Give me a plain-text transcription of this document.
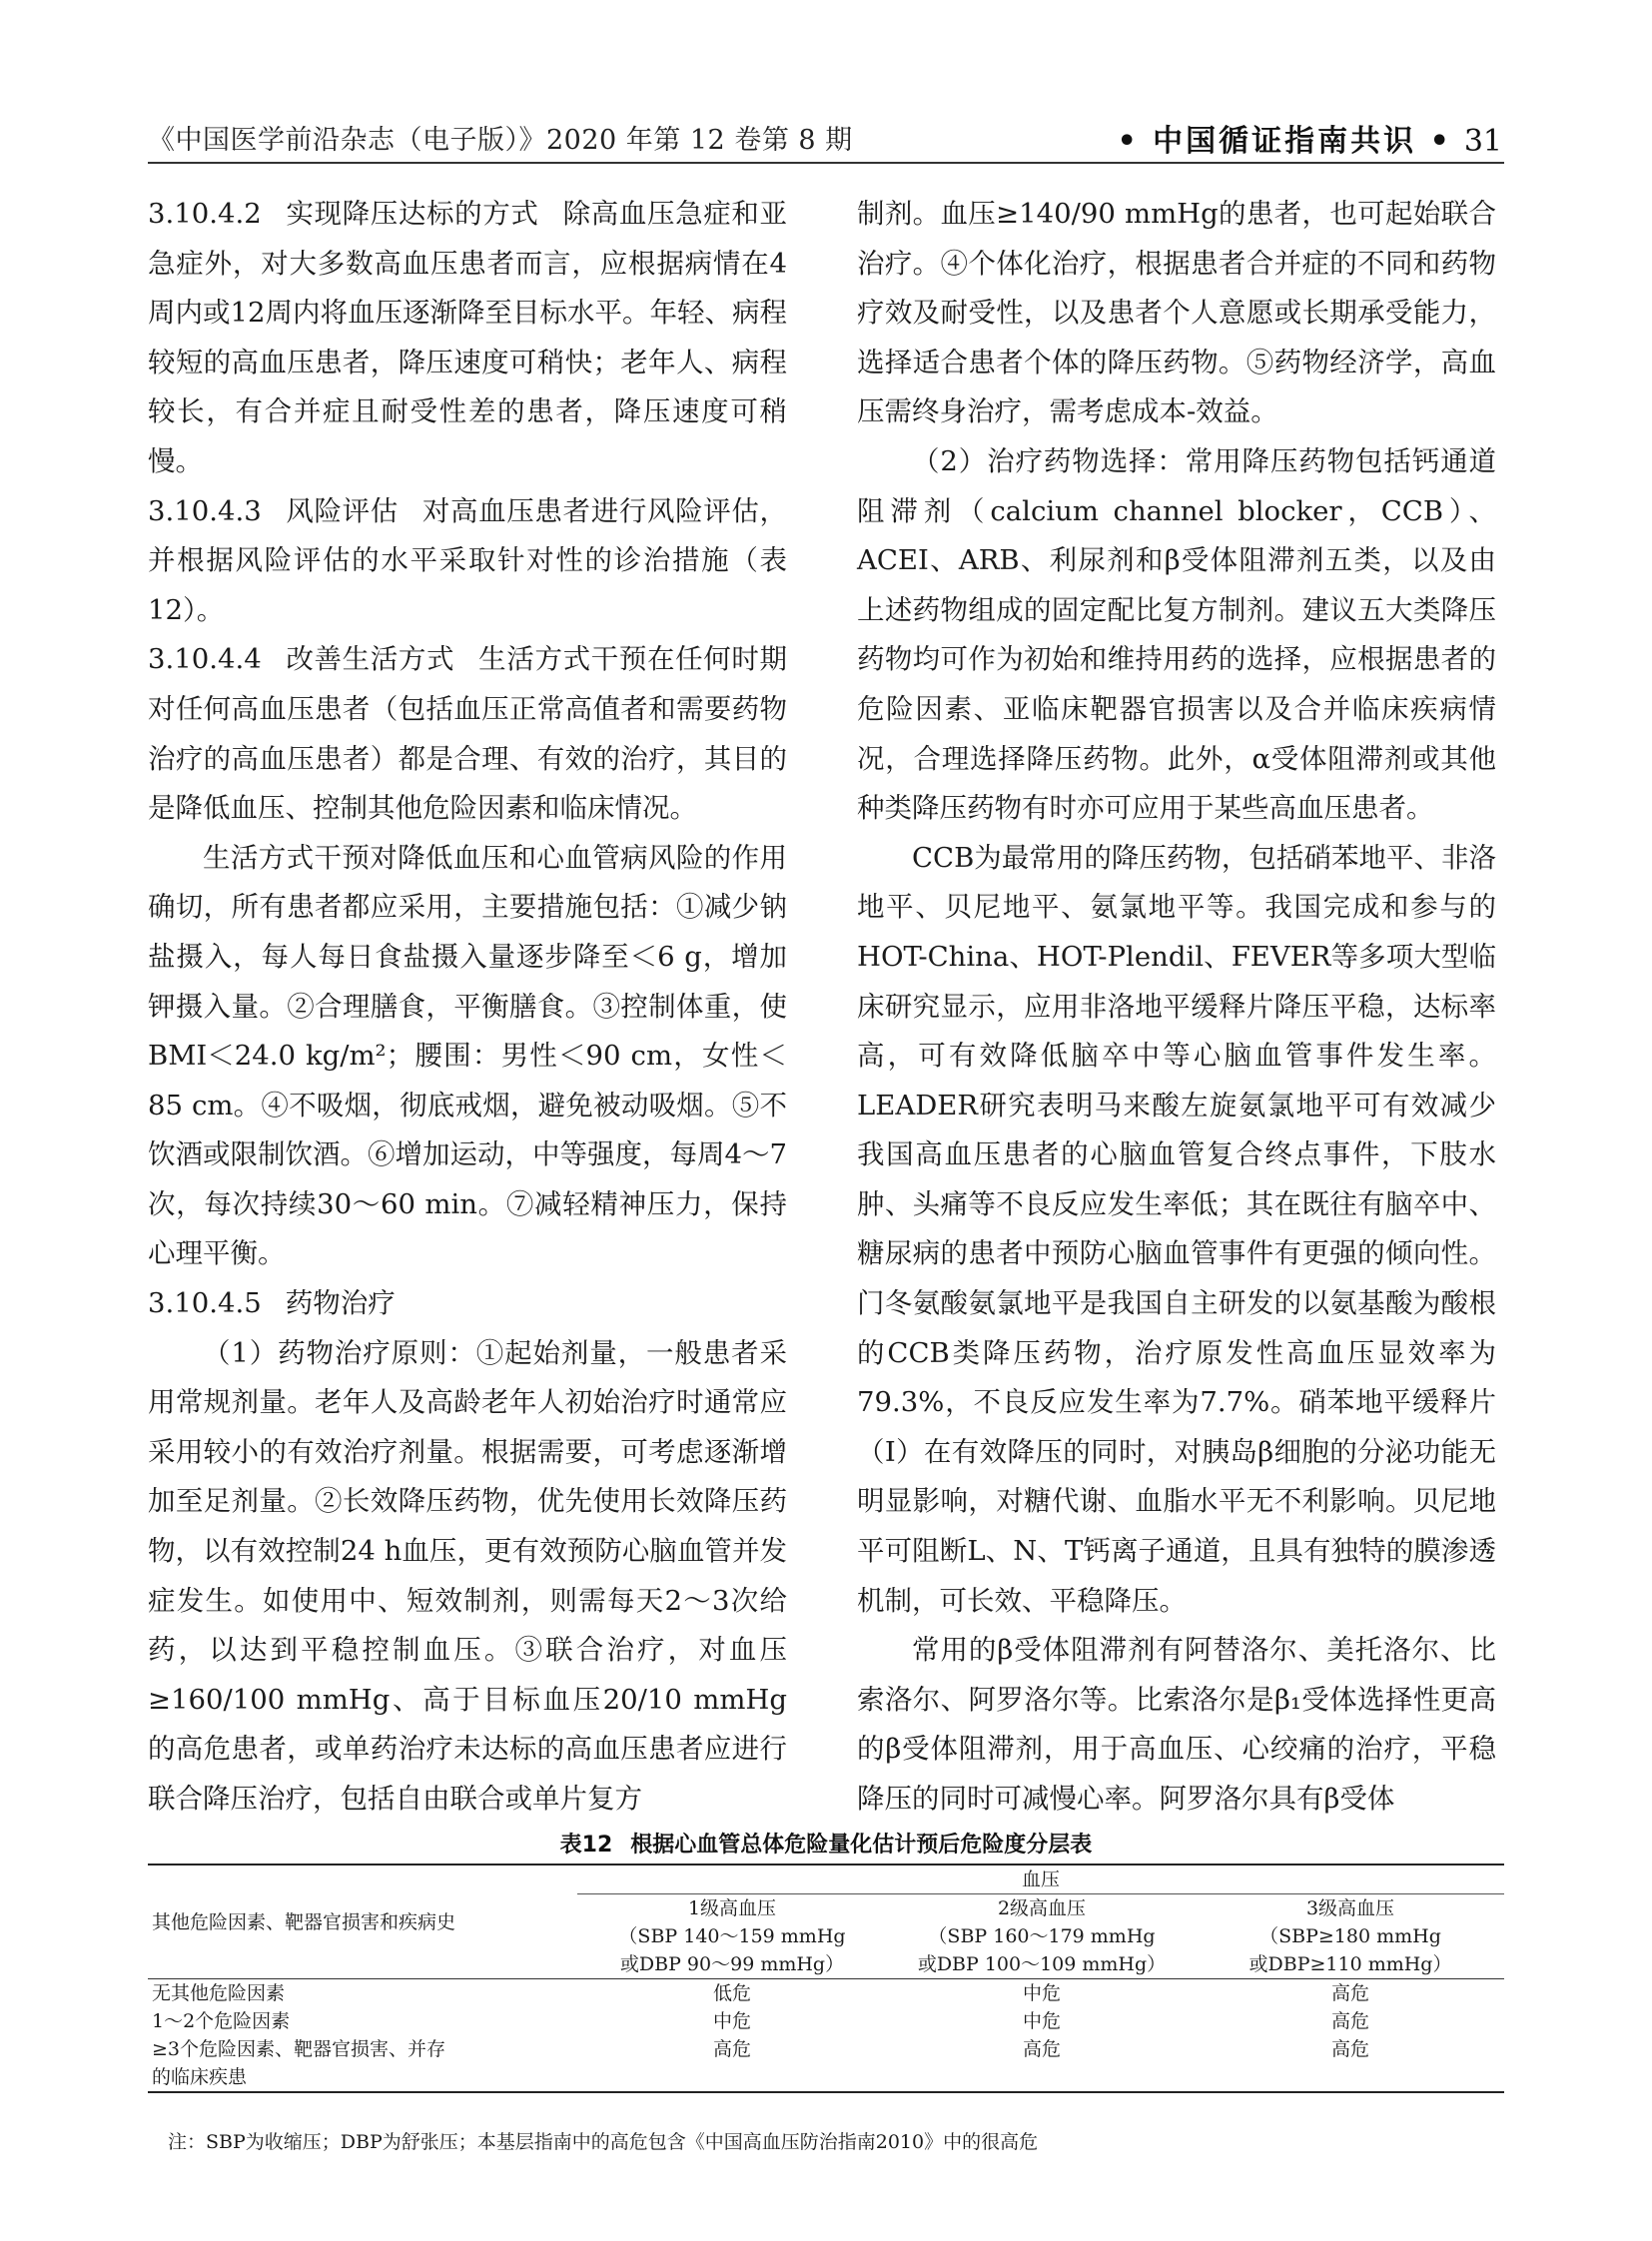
《中国医学前沿杂志（电子版）》2020 年第 12 卷第 8 期	• 中国循证指南共识 • 31

3.10.4.2 实现降压达标的方式 除高血压急症和亚急症外，对大多数高血压患者而言，应根据病情在4周内或12周内将血压逐渐降至目标水平。年轻、病程较短的高血压患者，降压速度可稍快；老年人、病程较长，有合并症且耐受性差的患者，降压速度可稍慢。

3.10.4.3 风险评估 对高血压患者进行风险评估，并根据风险评估的水平采取针对性的诊治措施（表12）。

3.10.4.4 改善生活方式 生活方式干预在任何时期对任何高血压患者（包括血压正常高值者和需要药物治疗的高血压患者）都是合理、有效的治疗，其目的是降低血压、控制其他危险因素和临床情况。

生活方式干预对降低血压和心血管病风险的作用确切，所有患者都应采用，主要措施包括：①减少钠盐摄入，每人每日食盐摄入量逐步降至＜6 g，增加钾摄入量。②合理膳食，平衡膳食。③控制体重，使BMI＜24.0 kg/m²；腰围：男性＜90 cm，女性＜85 cm。④不吸烟，彻底戒烟，避免被动吸烟。⑤不饮酒或限制饮酒。⑥增加运动，中等强度，每周4～7次，每次持续30～60 min。⑦减轻精神压力，保持心理平衡。

3.10.4.5 药物治疗

（1）药物治疗原则：①起始剂量，一般患者采用常规剂量。老年人及高龄老年人初始治疗时通常应采用较小的有效治疗剂量。根据需要，可考虑逐渐增加至足剂量。②长效降压药物，优先使用长效降压药物，以有效控制24 h血压，更有效预防心脑血管并发症发生。如使用中、短效制剂，则需每天2～3次给药，以达到平稳控制血压。③联合治疗，对血压≥160/100 mmHg、高于目标血压20/10 mmHg的高危患者，或单药治疗未达标的高血压患者应进行联合降压治疗，包括自由联合或单片复方

制剂。血压≥140/90 mmHg的患者，也可起始联合治疗。④个体化治疗，根据患者合并症的不同和药物疗效及耐受性，以及患者个人意愿或长期承受能力，选择适合患者个体的降压药物。⑤药物经济学，高血压需终身治疗，需考虑成本-效益。

（2）治疗药物选择：常用降压药物包括钙通道阻滞剂（calcium channel blocker，CCB）、ACEI、ARB、利尿剂和β受体阻滞剂五类，以及由上述药物组成的固定配比复方制剂。建议五大类降压药物均可作为初始和维持用药的选择，应根据患者的危险因素、亚临床靶器官损害以及合并临床疾病情况，合理选择降压药物。此外，α受体阻滞剂或其他种类降压药物有时亦可应用于某些高血压患者。

CCB为最常用的降压药物，包括硝苯地平、非洛地平、贝尼地平、氨氯地平等。我国完成和参与的HOT-China、HOT-Plendil、FEVER等多项大型临床研究显示，应用非洛地平缓释片降压平稳，达标率高，可有效降低脑卒中等心脑血管事件发生率。LEADER研究表明马来酸左旋氨氯地平可有效减少我国高血压患者的心脑血管复合终点事件，下肢水肿、头痛等不良反应发生率低；其在既往有脑卒中、糖尿病的患者中预防心脑血管事件有更强的倾向性。门冬氨酸氨氯地平是我国自主研发的以氨基酸为酸根的CCB类降压药物，治疗原发性高血压显效率为79.3%，不良反应发生率为7.7%。硝苯地平缓释片（Ⅰ）在有效降压的同时，对胰岛β细胞的分泌功能无明显影响，对糖代谢、血脂水平无不利影响。贝尼地平可阻断L、N、T钙离子通道，且具有独特的膜渗透机制，可长效、平稳降压。

常用的β受体阻滞剂有阿替洛尔、美托洛尔、比索洛尔、阿罗洛尔等。比索洛尔是β₁受体选择性更高的β受体阻滞剂，用于高血压、心绞痛的治疗，平稳降压的同时可减慢心率。阿罗洛尔具有β受体

表12 根据心血管总体危险量化估计预后危险度分层表
其他危险因素、靶器官损害和疾病史	血压		
	1级高血压	2级高血压	3级高血压
	（SBP 140～159 mmHg	（SBP 160～179 mmHg	（SBP≥180 mmHg
	或DBP 90～99 mmHg）	或DBP 100～109 mmHg）	或DBP≥110 mmHg）
无其他危险因素	低危	中危	高危
1～2个危险因素	中危	中危	高危
≥3个危险因素、靶器官损害、并存	高危	高危	高危
的临床疾患			
注：SBP为收缩压；DBP为舒张压；本基层指南中的高危包含《中国高血压防治指南2010》中的很高危
